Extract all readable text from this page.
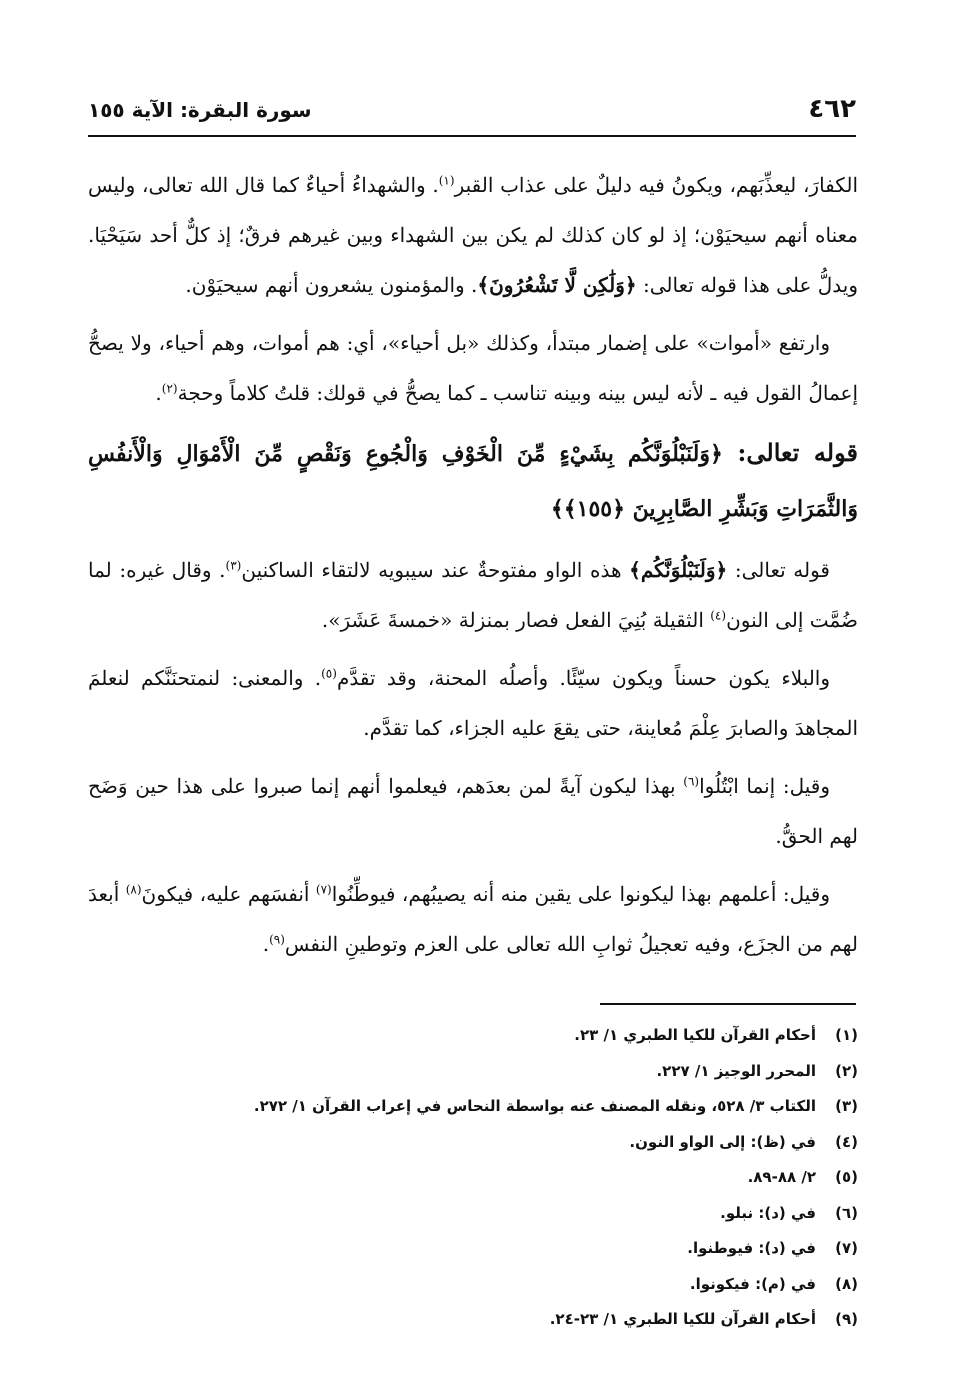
٤٦٢
سورة البقرة: الآية ١٥٥

الكفارَ، ليعذِّبَهم، ويكونُ فيه دليلٌ على عذاب القبر$^{(١)}$. والشهداءُ أحياءٌ كما قال الله تعالى، وليس معناه أنهم سيحيَوْن؛ إذ لو كان كذلك لم يكن بين الشهداء وبين غيرهم فرقٌ؛ إذ كلٌّ أحد سَيَحْيَا. ويدلُّ على هذا قوله تعالى: ﴿وَلَٰكِن لَّا تَشْعُرُونَ﴾. والمؤمنون يشعرون أنهم سيحيَوْن.

وارتفع «أموات» على إضمار مبتدأ، وكذلك «بل أحياء»، أي: هم أموات، وهم أحياء، ولا يصحُّ إعمالُ القول فيه ـ لأنه ليس بينه وبينه تناسب ـ كما يصحُّ في قولك: قلتُ كلاماً وحجة$^{(٢)}$.

قوله تعالى: ﴿وَلَنَبْلُوَنَّكُم بِشَيْءٍ مِّنَ الْخَوْفِ وَالْجُوعِ وَنَقْصٍ مِّنَ الْأَمْوَالِ وَالْأَنفُسِ وَالثَّمَرَاتِ وَبَشِّرِ الصَّابِرِينَ ﴿١٥٥﴾﴾

قوله تعالى: ﴿وَلَنَبْلُوَنَّكُم﴾ هذه الواو مفتوحةٌ عند سيبويه لالتقاء الساكنين$^{(٣)}$. وقال غيره: لما ضُمَّت إلى النون$^{(٤)}$ الثقيلة بُنِيَ الفعل فصار بمنزلة «خمسةَ عَشَرَ».

والبلاء يكون حسناً ويكون سيّئًا. وأصلُه المحنة، وقد تقدَّم$^{(٥)}$. والمعنى: لنمتحنَنَّكم لنعلمَ المجاهدَ والصابرَ عِلْمَ مُعاينة، حتى يقعَ عليه الجزاء، كما تقدَّم.

وقيل: إنما ابْتُلُوا$^{(٦)}$ بهذا ليكون آيةً لمن بعدَهم، فيعلموا أنهم إنما صبروا على هذا حين وَضَح لهم الحقُّ.

وقيل: أعلمهم بهذا ليكونوا على يقين منه أنه يصيبُهم، فيوطِّنُوا$^{(٧)}$ أنفسَهم عليه، فيكونَ$^{(٨)}$ أبعدَ لهم من الجزَع، وفيه تعجيلُ ثوابِ الله تعالى على العزم وتوطينِ النفس$^{(٩)}$.

(١)أحكام القرآن للكيا الطبري ١/ ٢٣.

(٢)المحرر الوجيز ١/ ٢٢٧.

(٣)الكتاب ٣/ ٥٢٨، ونقله المصنف عنه بواسطة النحاس في إعراب القرآن ١/ ٢٧٢.

(٤)في (ظ): إلى الواو النون.

(٥)٢/ ٨٨-٨٩.

(٦)في (د): نبلو.

(٧)في (د): فيوطنوا.

(٨)في (م): فيكونوا.

(٩)أحكام القرآن للكيا الطبري ١/ ٢٣-٢٤.
